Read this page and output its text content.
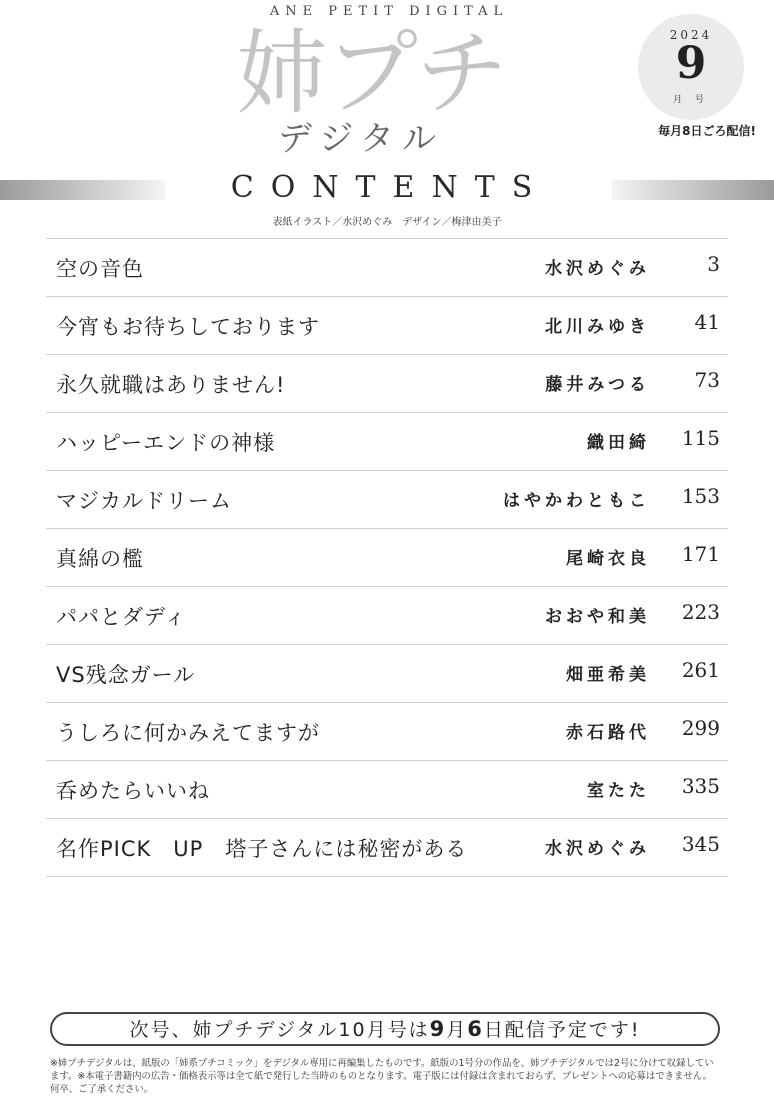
ANE PETIT DIGITAL
姉プチ
デジタル
2024
9
月 号
毎月8日ごろ配信!
CONTENTS
表紙イラスト／水沢めぐみ　デザイン／梅津由美子
空の音色	水沢めぐみ	3
今宵もお待ちしております	北川みゆき 41
永久就職はありません!	藤井みつる 73
ハッピーエンドの神様	織田綺 115
マジカルドリーム	はやかわともこ 153
真綿の檻	尾崎衣良 171
パパとダディ	おおや和美 223
VS残念ガール	畑亜希美 261
うしろに何かみえてますが	赤石路代 299
呑めたらいいね	室たた 335
名作PICK　UP　塔子さんには秘密がある	水沢めぐみ 345
次号、姉プチデジタル10月号は9月6日配信予定です!

※姉プチデジタルは、紙版の「姉系プチコミック」をデジタル専用に再編集したものです。紙版の1号分の作品を、姉プチデジタルでは2号に分けて収録してい

ます。※本電子書籍内の広告・価格表示等は全て紙で発行した当時のものとなります。電子版には付録は含まれておらず、プレゼントへの応募はできません。

何卒、ご了承ください。
